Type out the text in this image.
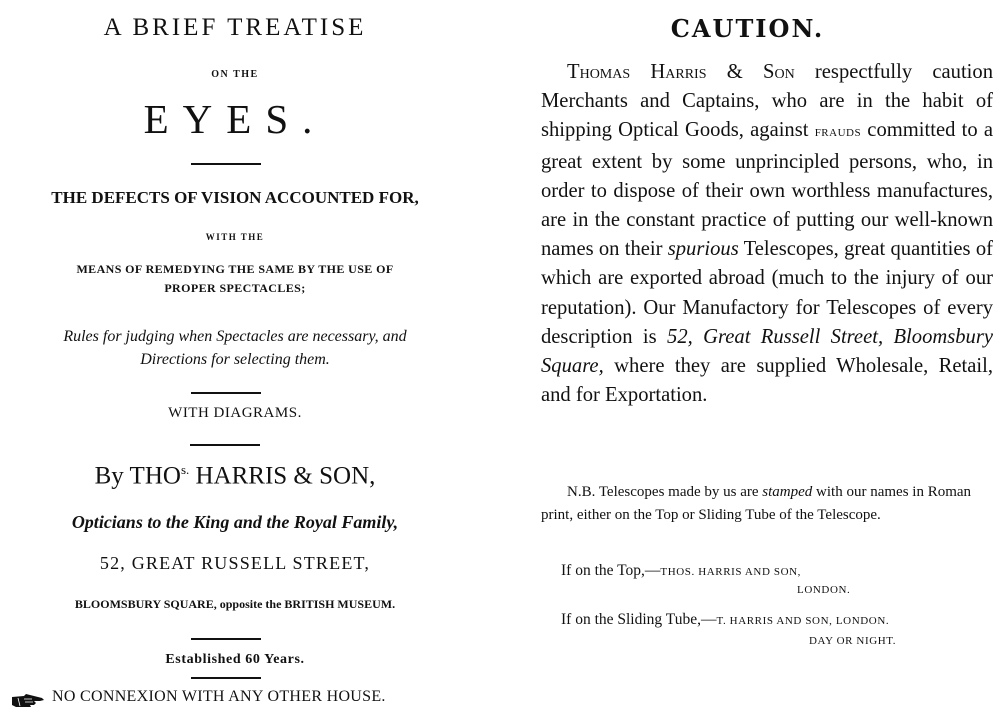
A BRIEF TREATISE

ON THE

EYES.

THE DEFECTS OF VISION ACCOUNTED FOR,

WITH THE

MEANS OF REMEDYING THE SAME BY THE USE OF
PROPER SPECTACLES;

Rules for judging when Spectacles are necessary, and
Directions for selecting them.

WITH DIAGRAMS.

By $THO^{s.}$ HARRIS & SON,

Opticians to the King and the Royal Family,

52, GREAT RUSSELL STREET,

BLOOMSBURY SQUARE, opposite the BRITISH MUSEUM.

Established 60 Years.

NO CONNEXION WITH ANY OTHER HOUSE.

CAUTION.

Thomas Harris & Son respectfully caution Merchants and Captains, who are in the habit of shipping Optical Goods, against frauds committed to a great extent by some unprincipled persons, who, in order to dispose of their own worthless manufactures, are in the constant practice of putting our well-known names on their spurious Telescopes, great quantities of which are exported abroad (much to the injury of our reputation). Our Manufactory for Telescopes of every description is 52, Great Russell Street, Bloomsbury Square, where they are supplied Wholesale, Retail, and for Exportation.

N.B. Telescopes made by us are stamped with our names in Roman print, either on the Top or Sliding Tube of the Telescope.

If on the Top,—THOS. HARRIS AND SON,

LONDON.

If on the Sliding Tube,—T. HARRIS AND SON, LONDON.

DAY OR NIGHT.
